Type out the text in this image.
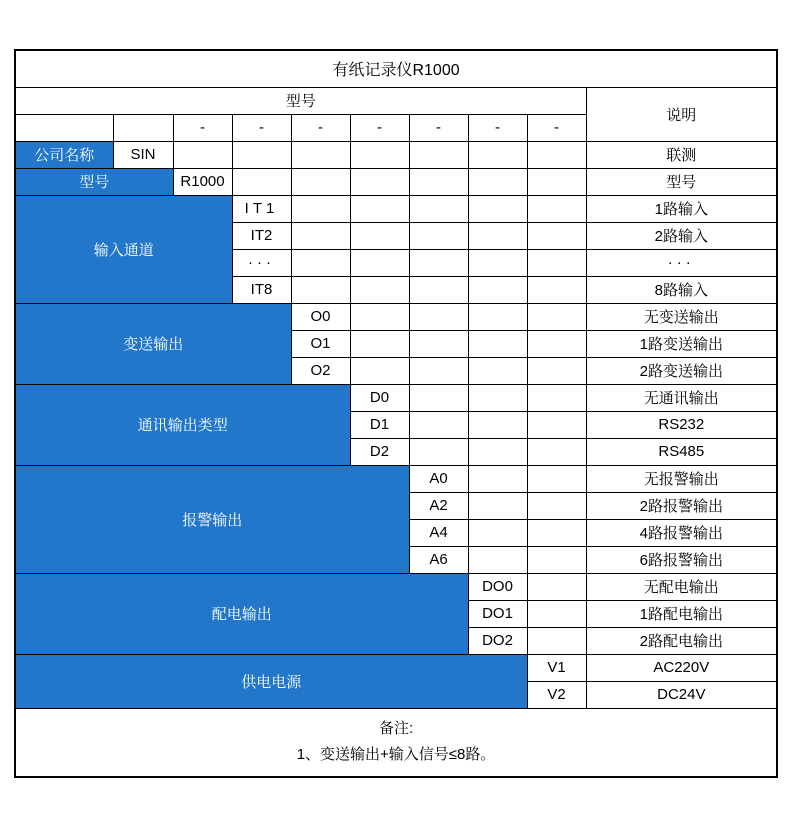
有纸记录仪R1000									
型号									说明
		-	-	-	-	-	-	-	
公司名称	SIN								联测
型号		R1000							型号
输入通道			IT1						1路输入
			IT2						2路输入
			···						···
			IT8						8路输入
变送输出				O0					无变送输出
				O1					1路变送输出
				O2					2路变送输出
通讯输出类型					D0				无通讯输出
					D1				RS232
					D2				RS485
报警输出						A0			无报警输出
						A2			2路报警输出
						A4			4路报警输出
						A6			6路报警输出
配电输出							DO0		无配电输出
							DO1		1路配电输出
							DO2		2路配电输出
供电电源								V1	AC220V
								V2	DC24V

备注:
1、变送输出+输入信号≤8路。									
